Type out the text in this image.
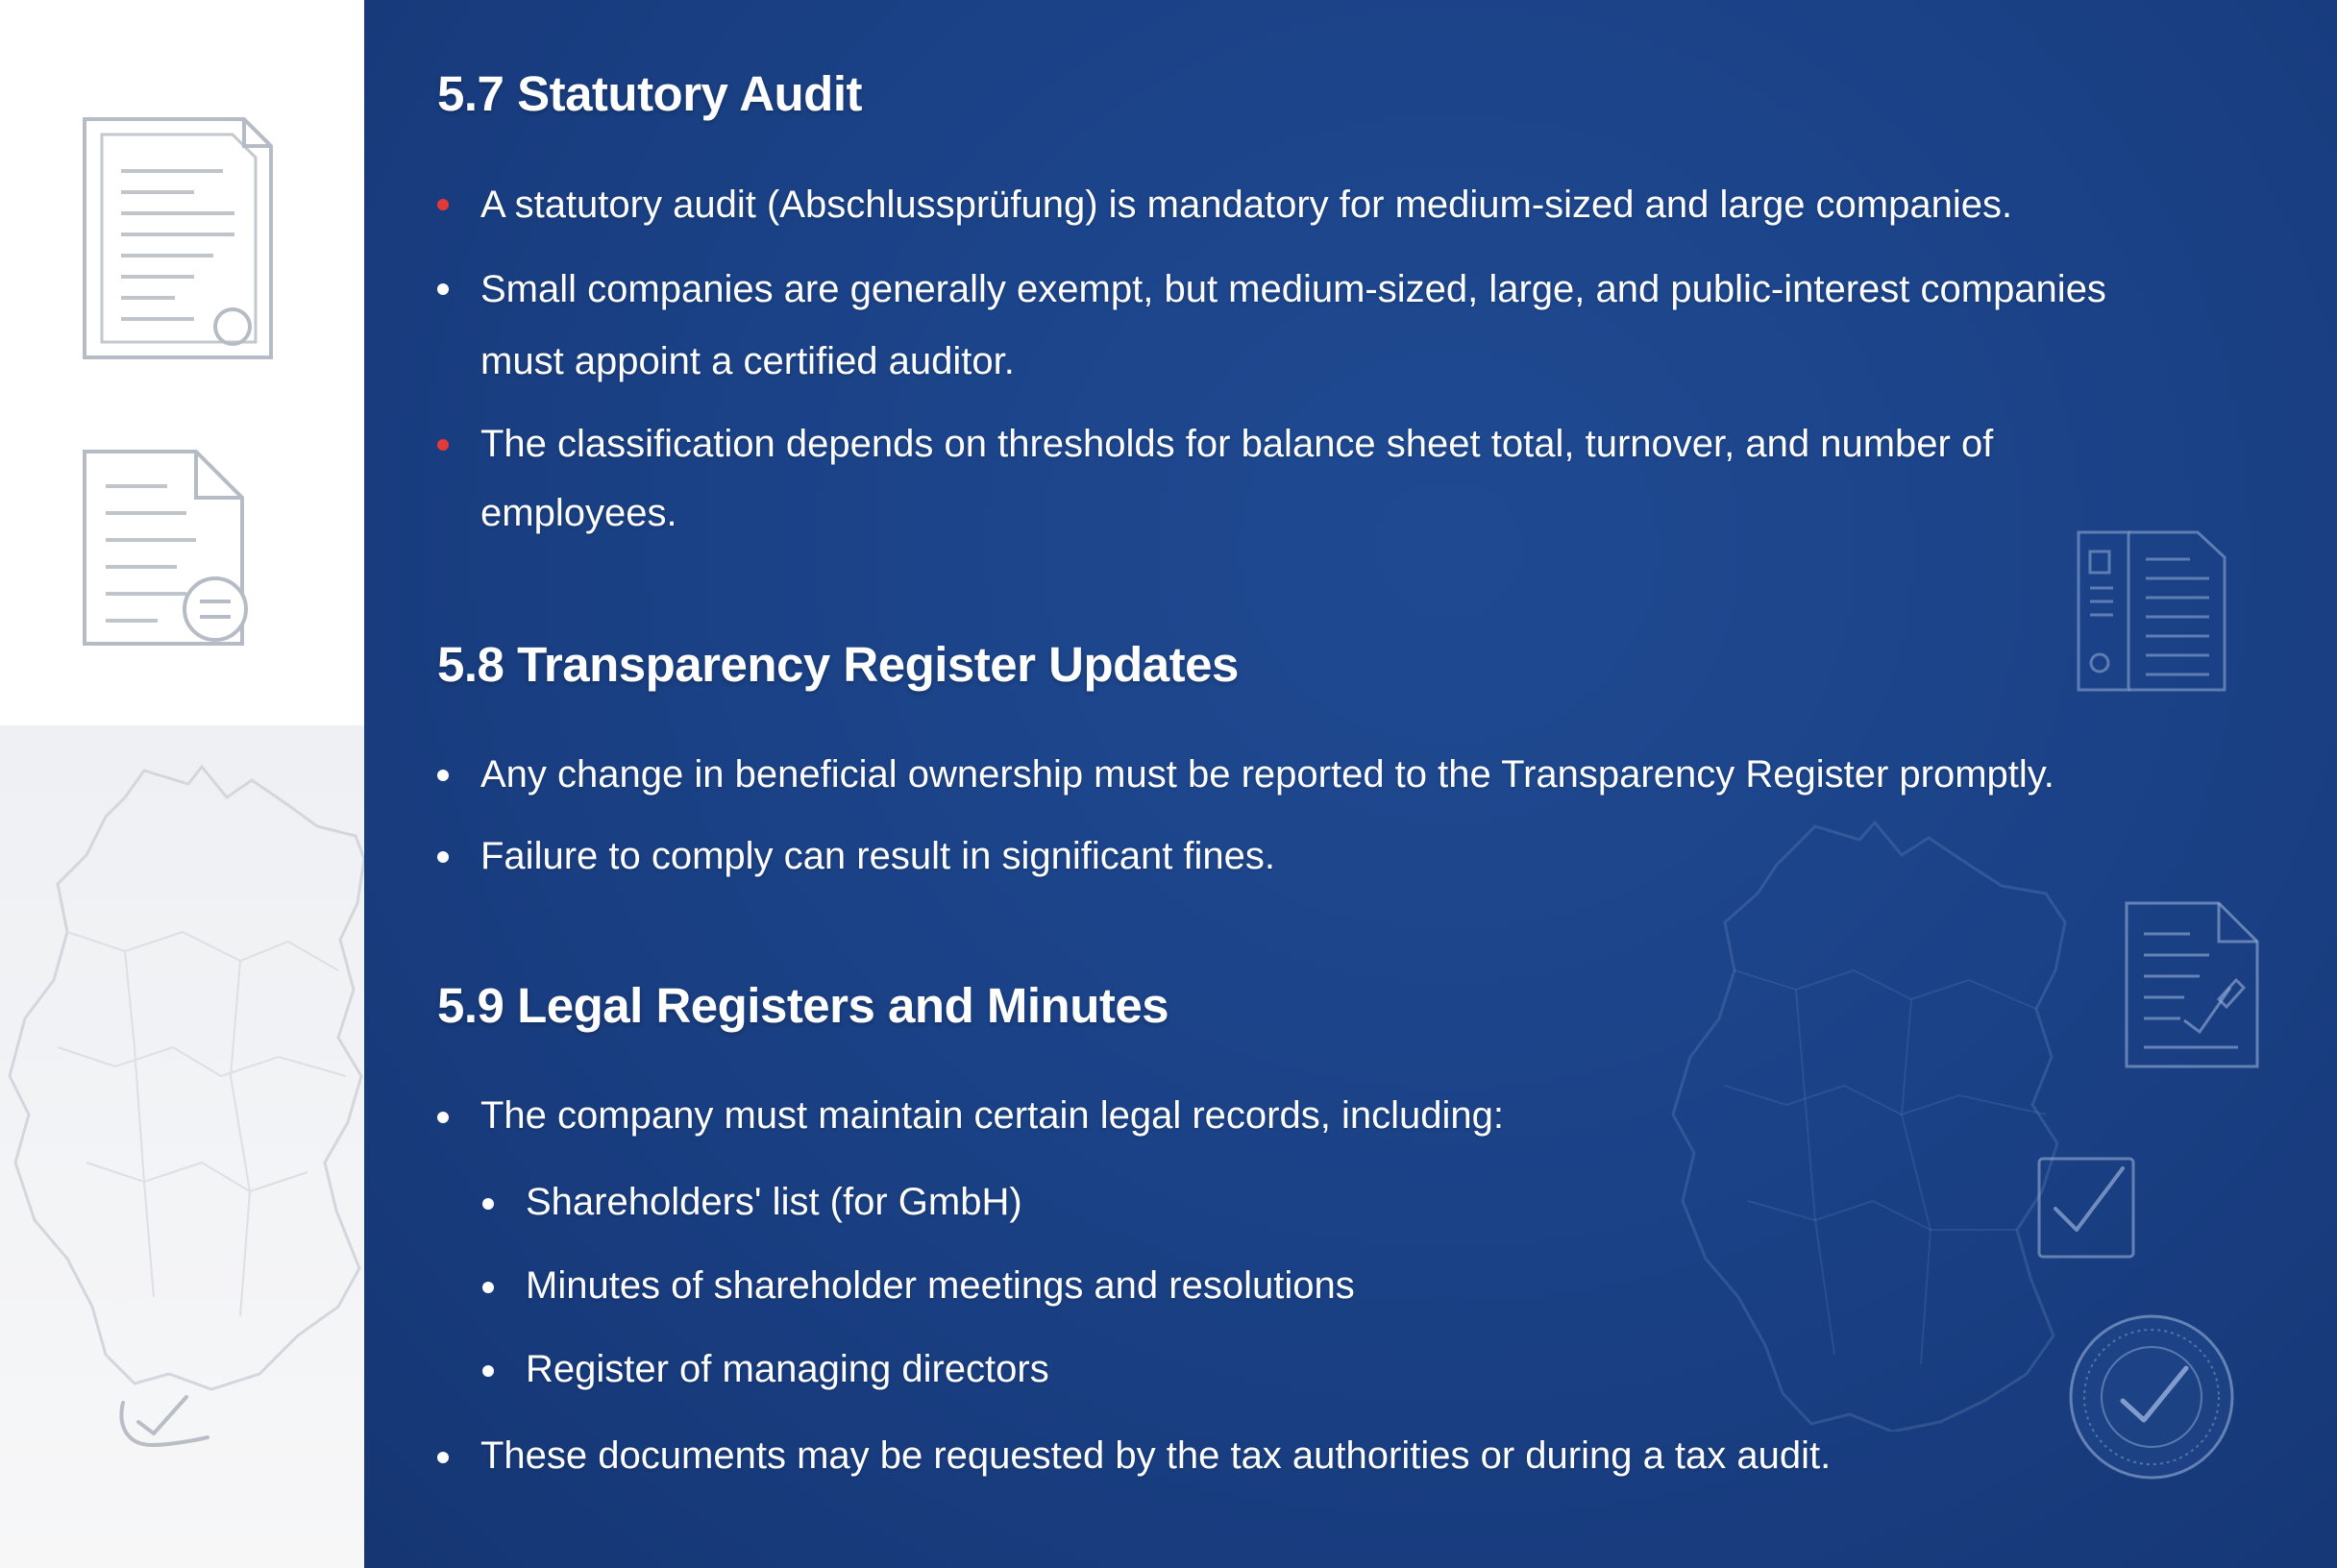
5.7 Statutory Audit
A statutory audit (Abschlussprüfung) is mandatory for medium-sized and large companies.
Small companies are generally exempt, but medium-sized, large, and public-interest companies
must appoint a certified auditor.
The classification depends on thresholds for balance sheet total, turnover, and number of
employees.
5.8 Transparency Register Updates
Any change in beneficial ownership must be reported to the Transparency Register promptly.
Failure to comply can result in significant fines.
5.9 Legal Registers and Minutes
The company must maintain certain legal records, including:
Shareholders' list (for GmbH)
Minutes of shareholder meetings and resolutions
Register of managing directors
These documents may be requested by the tax authorities or during a tax audit.
